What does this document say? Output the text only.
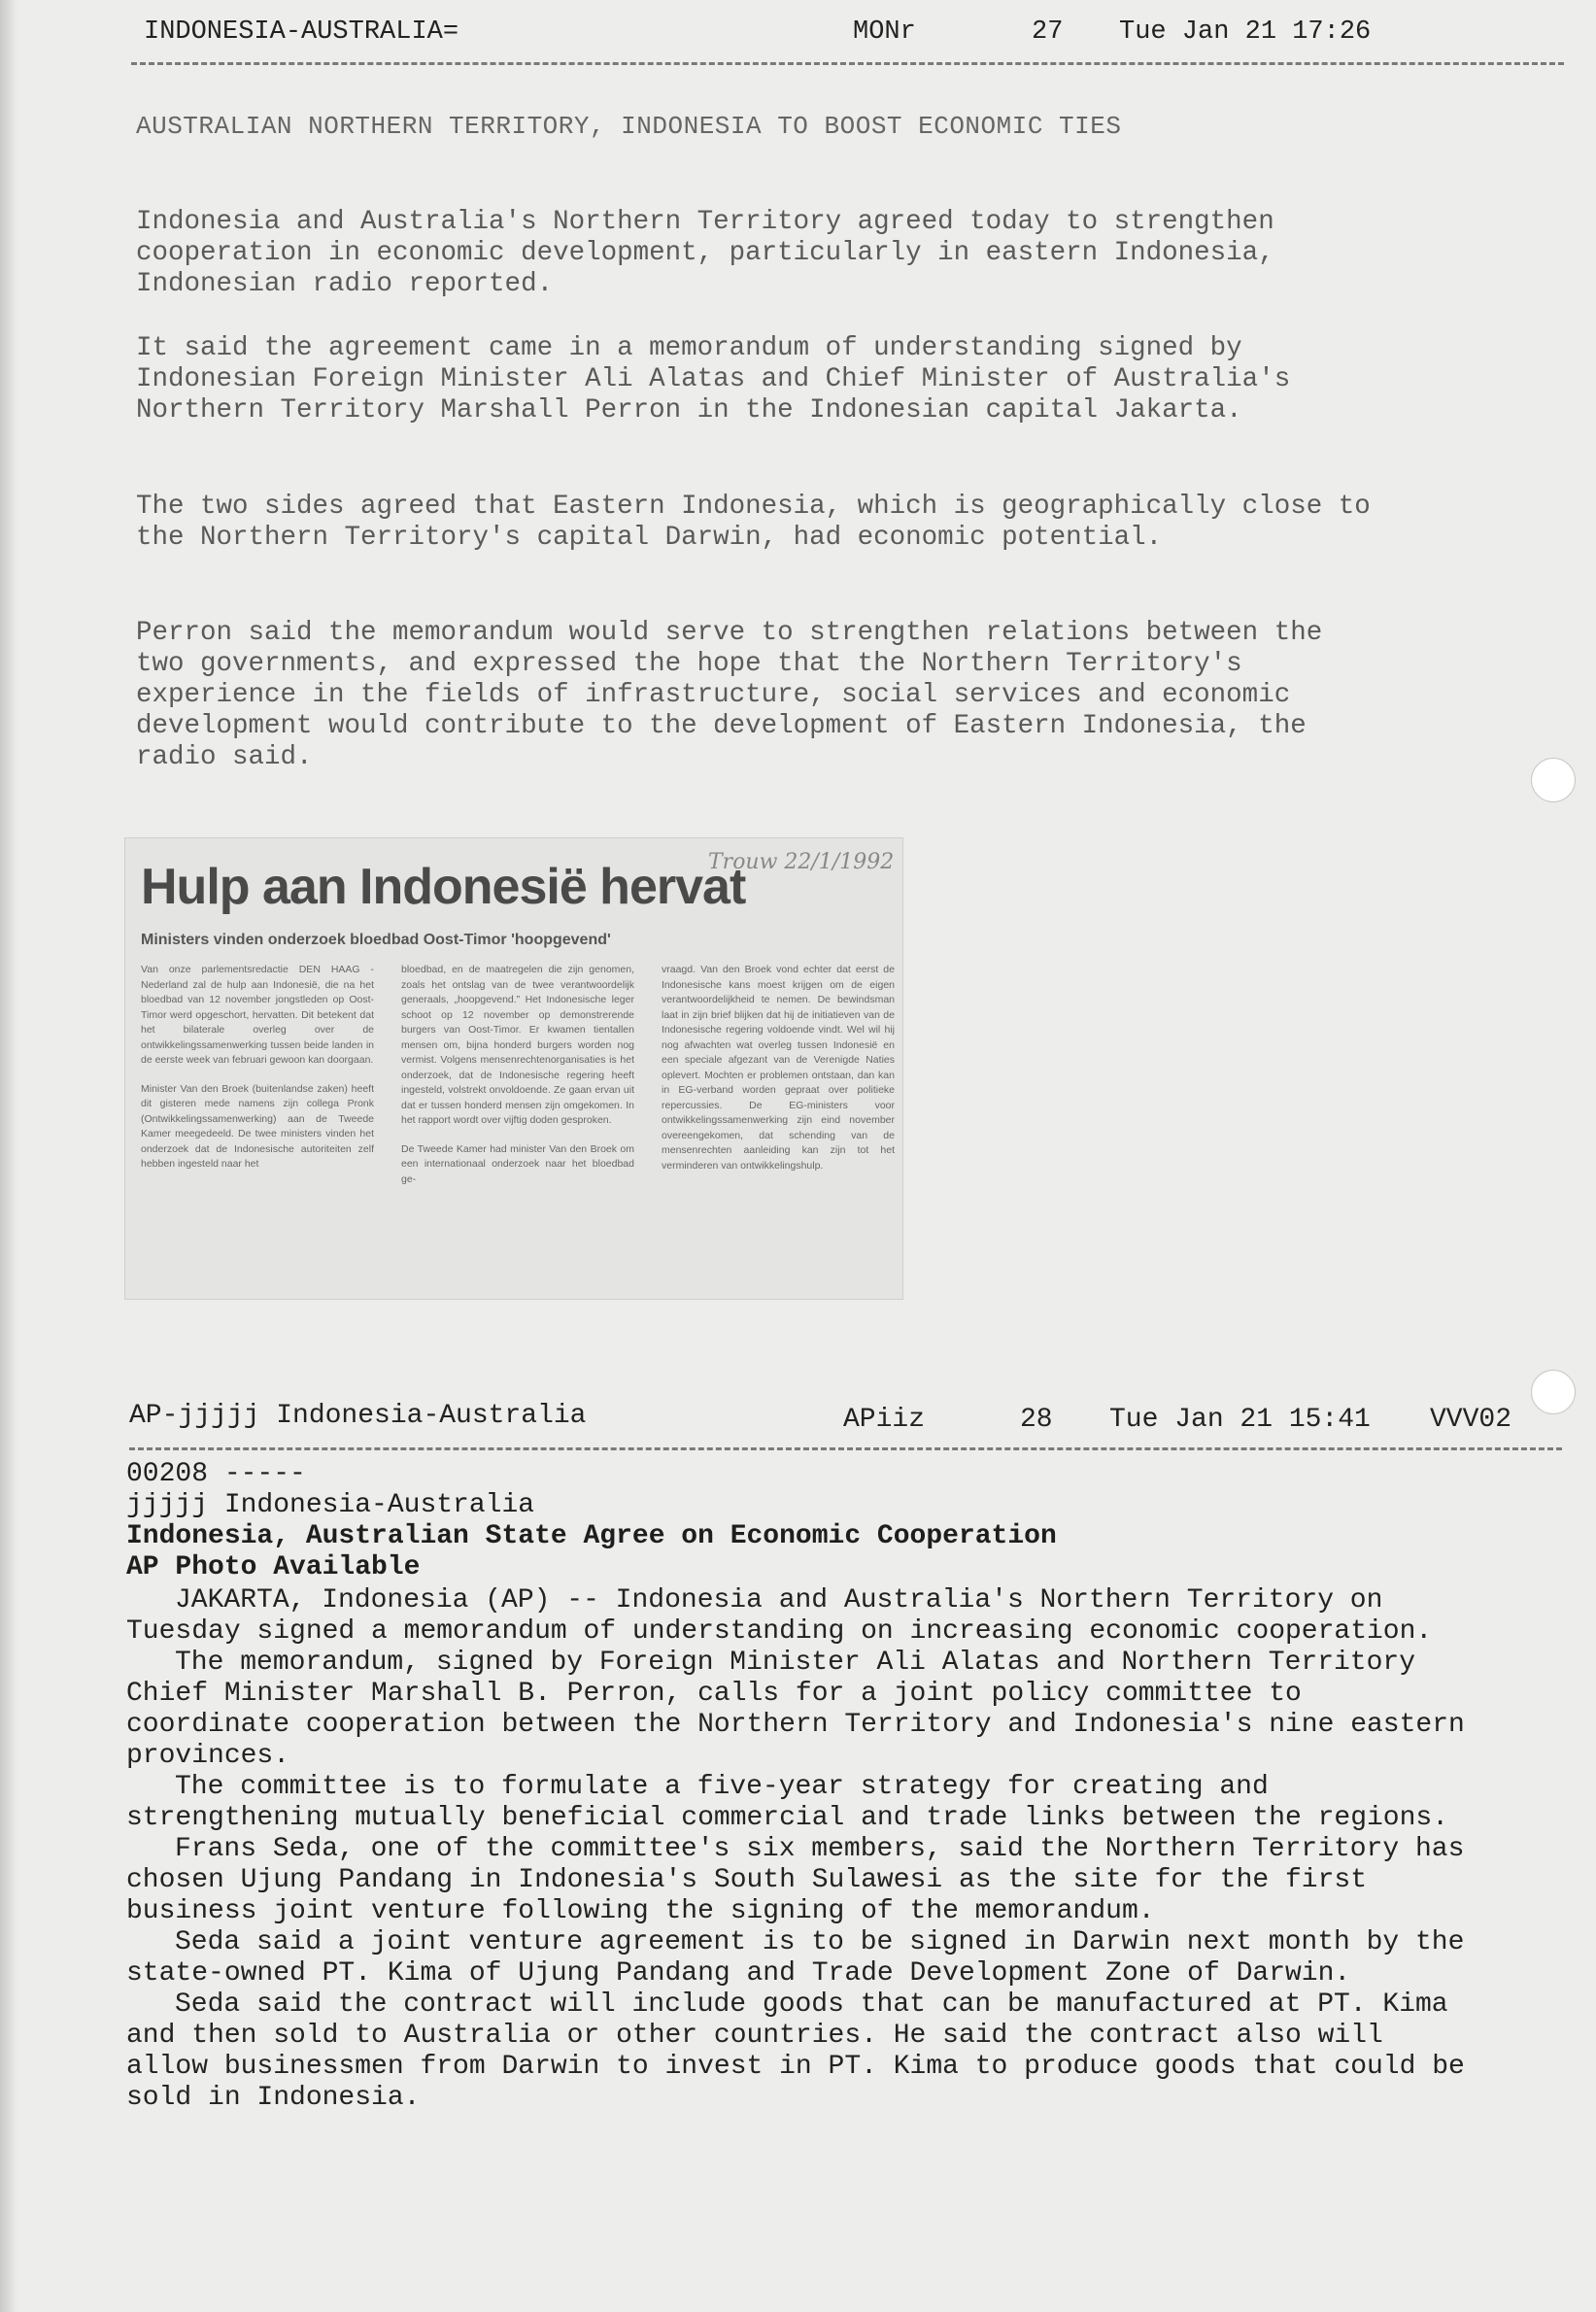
INDONESIA-AUSTRALIA=	MONr	27 Tue Jan 21 17:26
AUSTRALIAN NORTHERN TERRITORY, INDONESIA TO BOOST ECONOMIC TIES
Indonesia and Australia's Northern Territory agreed today to strengthen cooperation in economic development, particularly in eastern Indonesia, Indonesian radio reported.
It said the agreement came in a memorandum of understanding signed by Indonesian Foreign Minister Ali Alatas and Chief Minister of Australia's Northern Territory Marshall Perron in the Indonesian capital Jakarta.
The two sides agreed that Eastern Indonesia, which is geographically close to the Northern Territory's capital Darwin, had economic potential.
Perron said the memorandum would serve to strengthen relations between the two governments, and expressed the hope that the Northern Territory's experience in the fields of infrastructure, social services and economic development would contribute to the development of Eastern Indonesia, the radio said.
Hulp aan Indonesië hervat
Trouw 22/1/1992
Ministers vinden onderzoek bloedbad Oost-Timor 'hoopgevend'

Van onze parlementsredactie DEN HAAG - Nederland zal de hulp aan Indonesië, die na het bloedbad van 12 november jongstleden op Oost-Timor werd opgeschort, hervatten. Dit betekent dat het bilaterale overleg over de ontwikkelingssamenwerking tussen beide landen in de eerste week van februari gewoon kan doorgaan.

Minister Van den Broek (buitenlandse zaken) heeft dit gisteren mede namens zijn collega Pronk (Ontwikkelingssamenwerking) aan de Tweede Kamer meegedeeld. De twee ministers vinden het onderzoek dat de Indonesische autoriteiten zelf hebben ingesteld naar het

bloedbad, en de maatregelen die zijn genomen, zoals het ontslag van de twee verantwoordelijk generaals, „hoopgevend.” Het Indonesische leger schoot op 12 november op demonstrerende burgers van Oost-Timor. Er kwamen tientallen mensen om, bijna honderd burgers worden nog vermist. Volgens mensenrechtenorganisaties is het onderzoek, dat de Indonesische regering heeft ingesteld, volstrekt onvoldoende. Ze gaan ervan uit dat er tussen honderd mensen zijn omgekomen. In het rapport wordt over vijftig doden gesproken.

De Tweede Kamer had minister Van den Broek om een internationaal onderzoek naar het bloedbad ge-

vraagd. Van den Broek vond echter dat eerst de Indonesische kans moest krijgen om de eigen verantwoordelijkheid te nemen. De bewindsman laat in zijn brief blijken dat hij de initiatieven van de Indonesische regering voldoende vindt. Wel wil hij nog afwachten wat overleg tussen Indonesië en een speciale afgezant van de Verenigde Naties oplevert. Mochten er problemen ontstaan, dan kan in EG-verband worden gepraat over politieke repercussies. De EG-ministers voor ontwikkelingssamenwerking zijn eind november overeengekomen, dat schending van de mensenrechten aanleiding kan zijn tot het verminderen van ontwikkelingshulp.

AP-jjjjj Indonesia-Australia	APiiz	28 Tue Jan 21 15:41 VVV02
00208 -----
jjjjj Indonesia-Australia
Indonesia, Australian State Agree on Economic Cooperation
AP Photo Available

JAKARTA, Indonesia (AP) -- Indonesia and Australia's Northern Territory on Tuesday signed a memorandum of understanding on increasing economic cooperation.

The memorandum, signed by Foreign Minister Ali Alatas and Northern Territory Chief Minister Marshall B. Perron, calls for a joint policy committee to coordinate cooperation between the Northern Territory and Indonesia's nine eastern provinces.

The committee is to formulate a five-year strategy for creating and strengthening mutually beneficial commercial and trade links between the regions.

Frans Seda, one of the committee's six members, said the Northern Territory has chosen Ujung Pandang in Indonesia's South Sulawesi as the site for the first business joint venture following the signing of the memorandum.

Seda said a joint venture agreement is to be signed in Darwin next month by the state-owned PT. Kima of Ujung Pandang and Trade Development Zone of Darwin.

Seda said the contract will include goods that can be manufactured at PT. Kima and then sold to Australia or other countries. He said the contract also will allow businessmen from Darwin to invest in PT. Kima to produce goods that could be sold in Indonesia.
